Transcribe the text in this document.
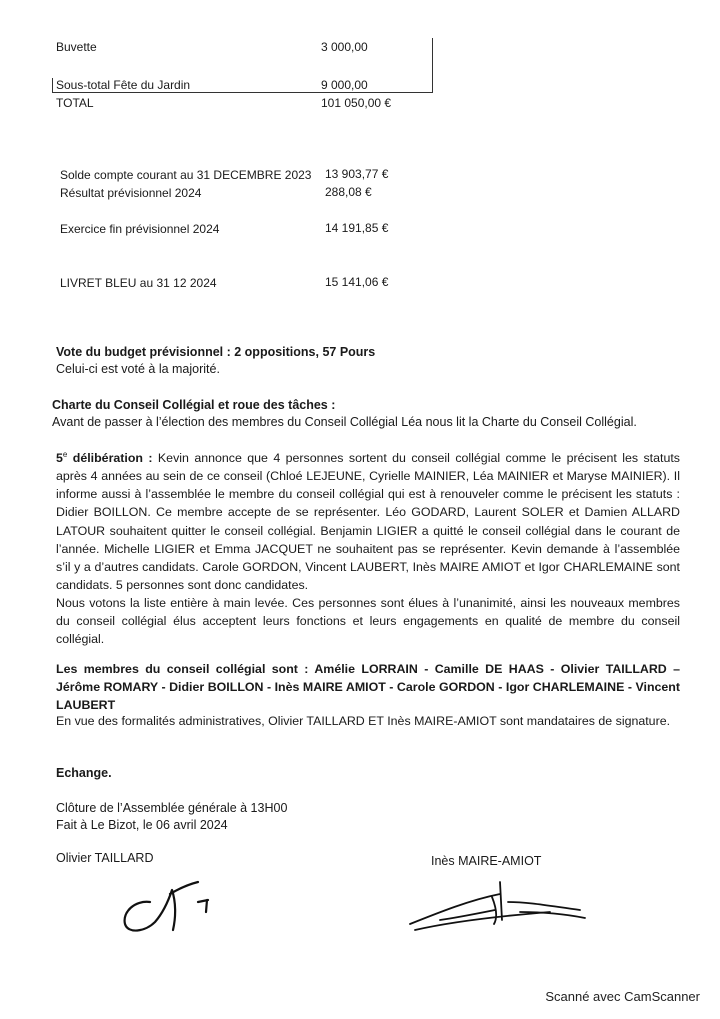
Buvette	3 000,00
Sous-total Fête du Jardin	9 000,00
TOTAL	101 050,00 €
Solde compte courant au 31 DECEMBRE 2023 13 903,77 €
Résultat prévisionnel 2024	288,08 €
Exercice fin prévisionnel 2024	14 191,85 €
LIVRET BLEU au 31 12 2024	15 141,06 €
Vote du budget prévisionnel : 2 oppositions, 57 Pours
Celui-ci est voté à la majorité.
Charte du Conseil Collégial et roue des tâches :
Avant de passer à l’élection des membres du Conseil Collégial Léa nous lit la Charte du Conseil Collégial.
5e délibération : Kevin annonce que 4 personnes sortent du conseil collégial comme le précisent les statuts après 4 années au sein de ce conseil (Chloé LEJEUNE, Cyrielle MAINIER, Léa MAINIER et Maryse MAINIER). Il informe aussi à l’assemblée le membre du conseil collégial qui est à renouveler comme le précisent les statuts : Didier BOILLON. Ce membre accepte de se représenter. Léo GODARD, Laurent SOLER et Damien ALLARD LATOUR souhaitent quitter le conseil collégial. Benjamin LIGIER a quitté le conseil collégial dans le courant de l’année. Michelle LIGIER et Emma JACQUET ne souhaitent pas se représenter. Kevin demande à l’assemblée s’il y a d’autres candidats. Carole GORDON, Vincent LAUBERT, Inès MAIRE AMIOT et Igor CHARLEMAINE sont candidats. 5 personnes sont donc candidates.
Nous votons la liste entière à main levée. Ces personnes sont élues à l’unanimité, ainsi les nouveaux membres du conseil collégial élus acceptent leurs fonctions et leurs engagements en qualité de membre du conseil collégial.
Les membres du conseil collégial sont : Amélie LORRAIN - Camille DE HAAS - Olivier TAILLARD – Jérôme ROMARY - Didier BOILLON - Inès MAIRE AMIOT - Carole GORDON - Igor CHARLEMAINE - Vincent LAUBERT
En vue des formalités administratives, Olivier TAILLARD ET Inès MAIRE-AMIOT sont mandataires de signature.
Echange.
Clôture de l’Assemblée générale à 13H00
Fait à Le Bizot, le 06 avril 2024
Olivier TAILLARD	Inès MAIRE-AMIOT
Scanné avec CamScanner
